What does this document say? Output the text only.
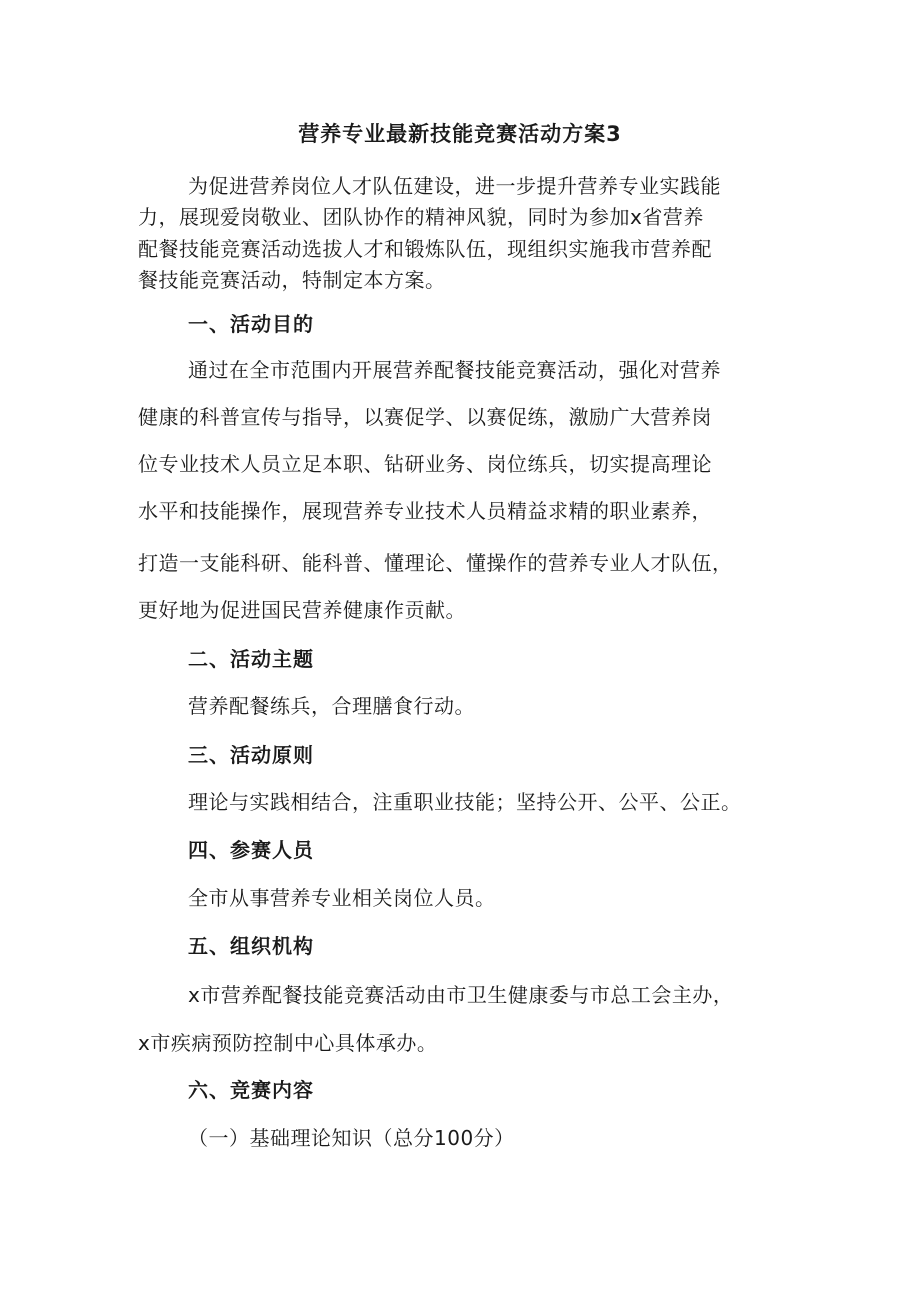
营养专业最新技能竞赛活动方案3
为促进营养岗位人才队伍建设，进一步提升营养专业实践能
力，展现爱岗敬业、团队协作的精神风貌，同时为参加x省营养
配餐技能竞赛活动选拔人才和锻炼队伍，现组织实施我市营养配
餐技能竞赛活动，特制定本方案。
一、活动目的
通过在全市范围内开展营养配餐技能竞赛活动，强化对营养
健康的科普宣传与指导，以赛促学、以赛促练，激励广大营养岗
位专业技术人员立足本职、钻研业务、岗位练兵，切实提高理论
水平和技能操作，展现营养专业技术人员精益求精的职业素养，
打造一支能科研、能科普、懂理论、懂操作的营养专业人才队伍，
更好地为促进国民营养健康作贡献。
二、活动主题
营养配餐练兵，合理膳食行动。
三、活动原则
理论与实践相结合，注重职业技能；坚持公开、公平、公正。
四、参赛人员
全市从事营养专业相关岗位人员。
五、组织机构
x市营养配餐技能竞赛活动由市卫生健康委与市总工会主办，
x市疾病预防控制中心具体承办。
六、竞赛内容
（一）基础理论知识（总分100分）
